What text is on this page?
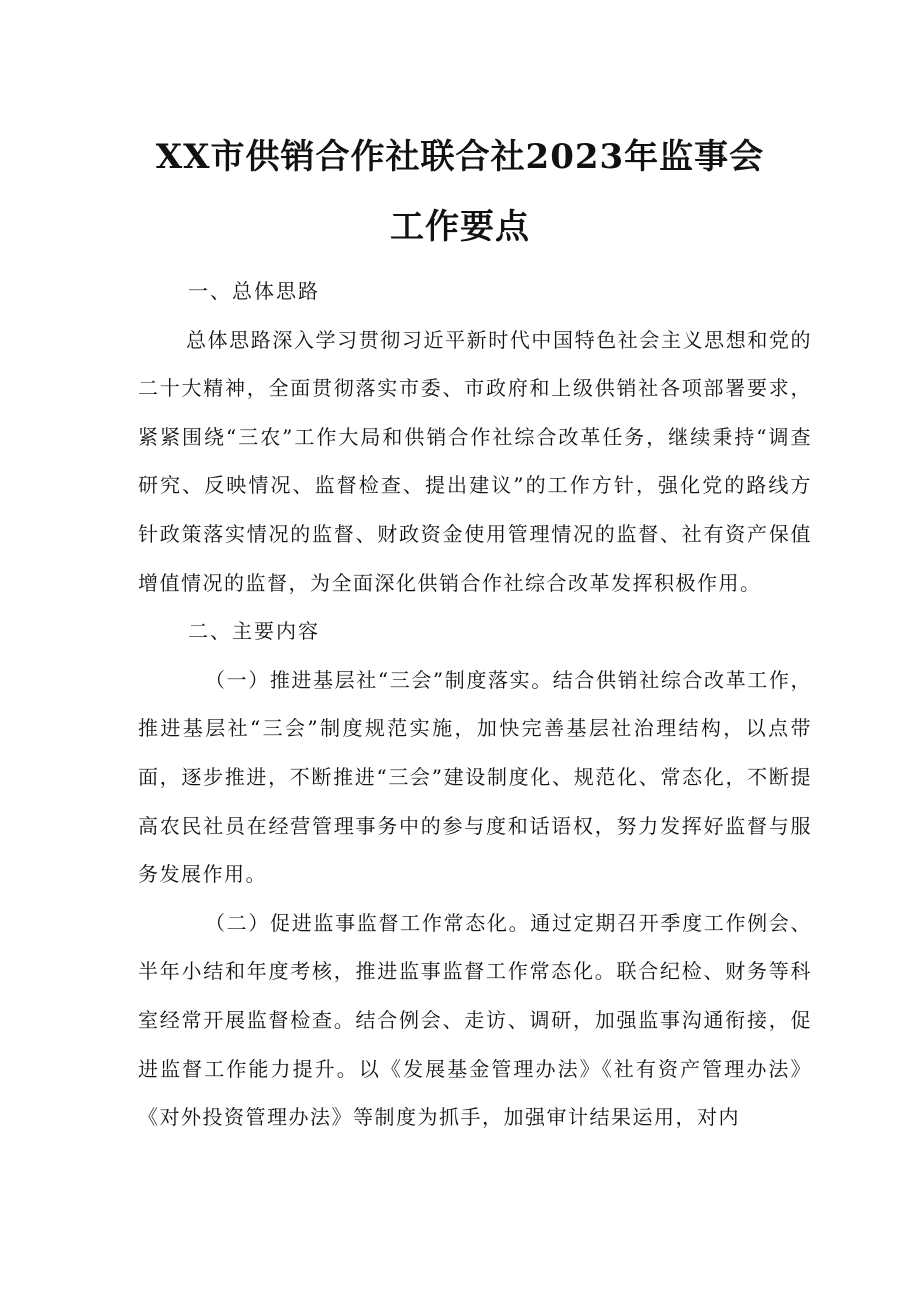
XX市供销合作社联合社2023年监事会
工作要点

一、总体思路

总体思路深入学习贯彻习近平新时代中国特色社会主义思想和党的二十大精神，全面贯彻落实市委、市政府和上级供销社各项部署要求，紧紧围绕“三农”工作大局和供销合作社综合改革任务，继续秉持“调查研究、反映情况、监督检查、提出建议”的工作方针，强化党的路线方针政策落实情况的监督、财政资金使用管理情况的监督、社有资产保值增值情况的监督，为全面深化供销合作社综合改革发挥积极作用。

二、主要内容

（一）推进基层社“三会”制度落实。结合供销社综合改革工作，推进基层社“三会”制度规范实施，加快完善基层社治理结构，以点带面，逐步推进，不断推进“三会”建设制度化、规范化、常态化，不断提高农民社员在经营管理事务中的参与度和话语权，努力发挥好监督与服务发展作用。

（二）促进监事监督工作常态化。通过定期召开季度工作例会、半年小结和年度考核，推进监事监督工作常态化。联合纪检、财务等科室经常开展监督检查。结合例会、走访、调研，加强监事沟通衔接，促进监督工作能力提升。以《发展基金管理办法》《社有资产管理办法》《对外投资管理办法》等制度为抓手，加强审计结果运用，对内
